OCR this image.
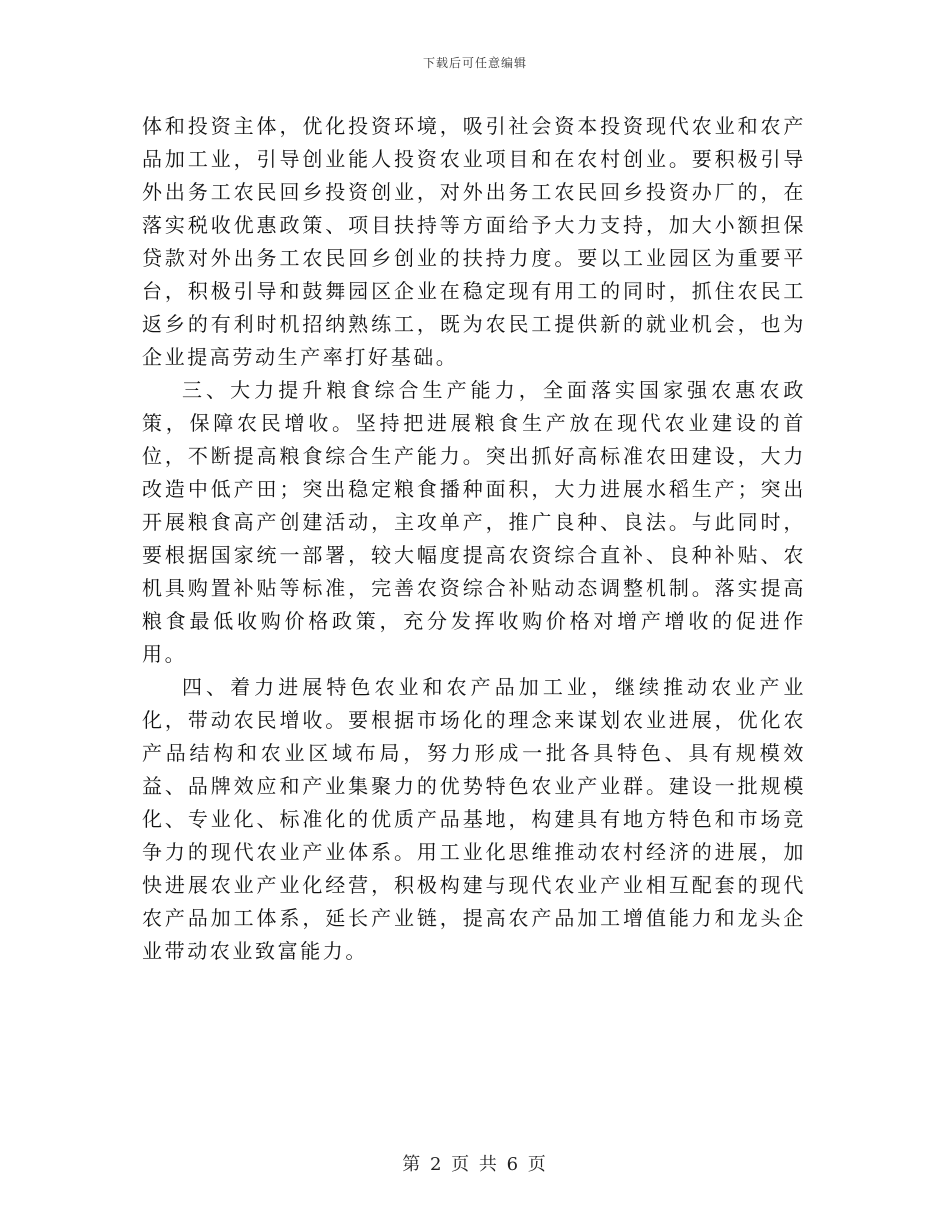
下载后可任意编辑

体和投资主体，优化投资环境，吸引社会资本投资现代农业和农产品加工业，引导创业能人投资农业项目和在农村创业。要积极引导外出务工农民回乡投资创业，对外出务工农民回乡投资办厂的，在落实税收优惠政策、项目扶持等方面给予大力支持，加大小额担保贷款对外出务工农民回乡创业的扶持力度。要以工业园区为重要平台，积极引导和鼓舞园区企业在稳定现有用工的同时，抓住农民工返乡的有利时机招纳熟练工，既为农民工提供新的就业机会，也为企业提高劳动生产率打好基础。

三、大力提升粮食综合生产能力，全面落实国家强农惠农政策，保障农民增收。坚持把进展粮食生产放在现代农业建设的首位，不断提高粮食综合生产能力。突出抓好高标准农田建设，大力改造中低产田；突出稳定粮食播种面积，大力进展水稻生产；突出开展粮食高产创建活动，主攻单产，推广良种、良法。与此同时，要根据国家统一部署，较大幅度提高农资综合直补、良种补贴、农机具购置补贴等标准，完善农资综合补贴动态调整机制。落实提高粮食最低收购价格政策，充分发挥收购价格对增产增收的促进作用。

四、着力进展特色农业和农产品加工业，继续推动农业产业化，带动农民增收。要根据市场化的理念来谋划农业进展，优化农产品结构和农业区域布局，努力形成一批各具特色、具有规模效益、品牌效应和产业集聚力的优势特色农业产业群。建设一批规模化、专业化、标准化的优质产品基地，构建具有地方特色和市场竞争力的现代农业产业体系。用工业化思维推动农村经济的进展，加快进展农业产业化经营，积极构建与现代农业产业相互配套的现代农产品加工体系，延长产业链，提高农产品加工增值能力和龙头企业带动农业致富能力。

第 2 页 共 6 页
